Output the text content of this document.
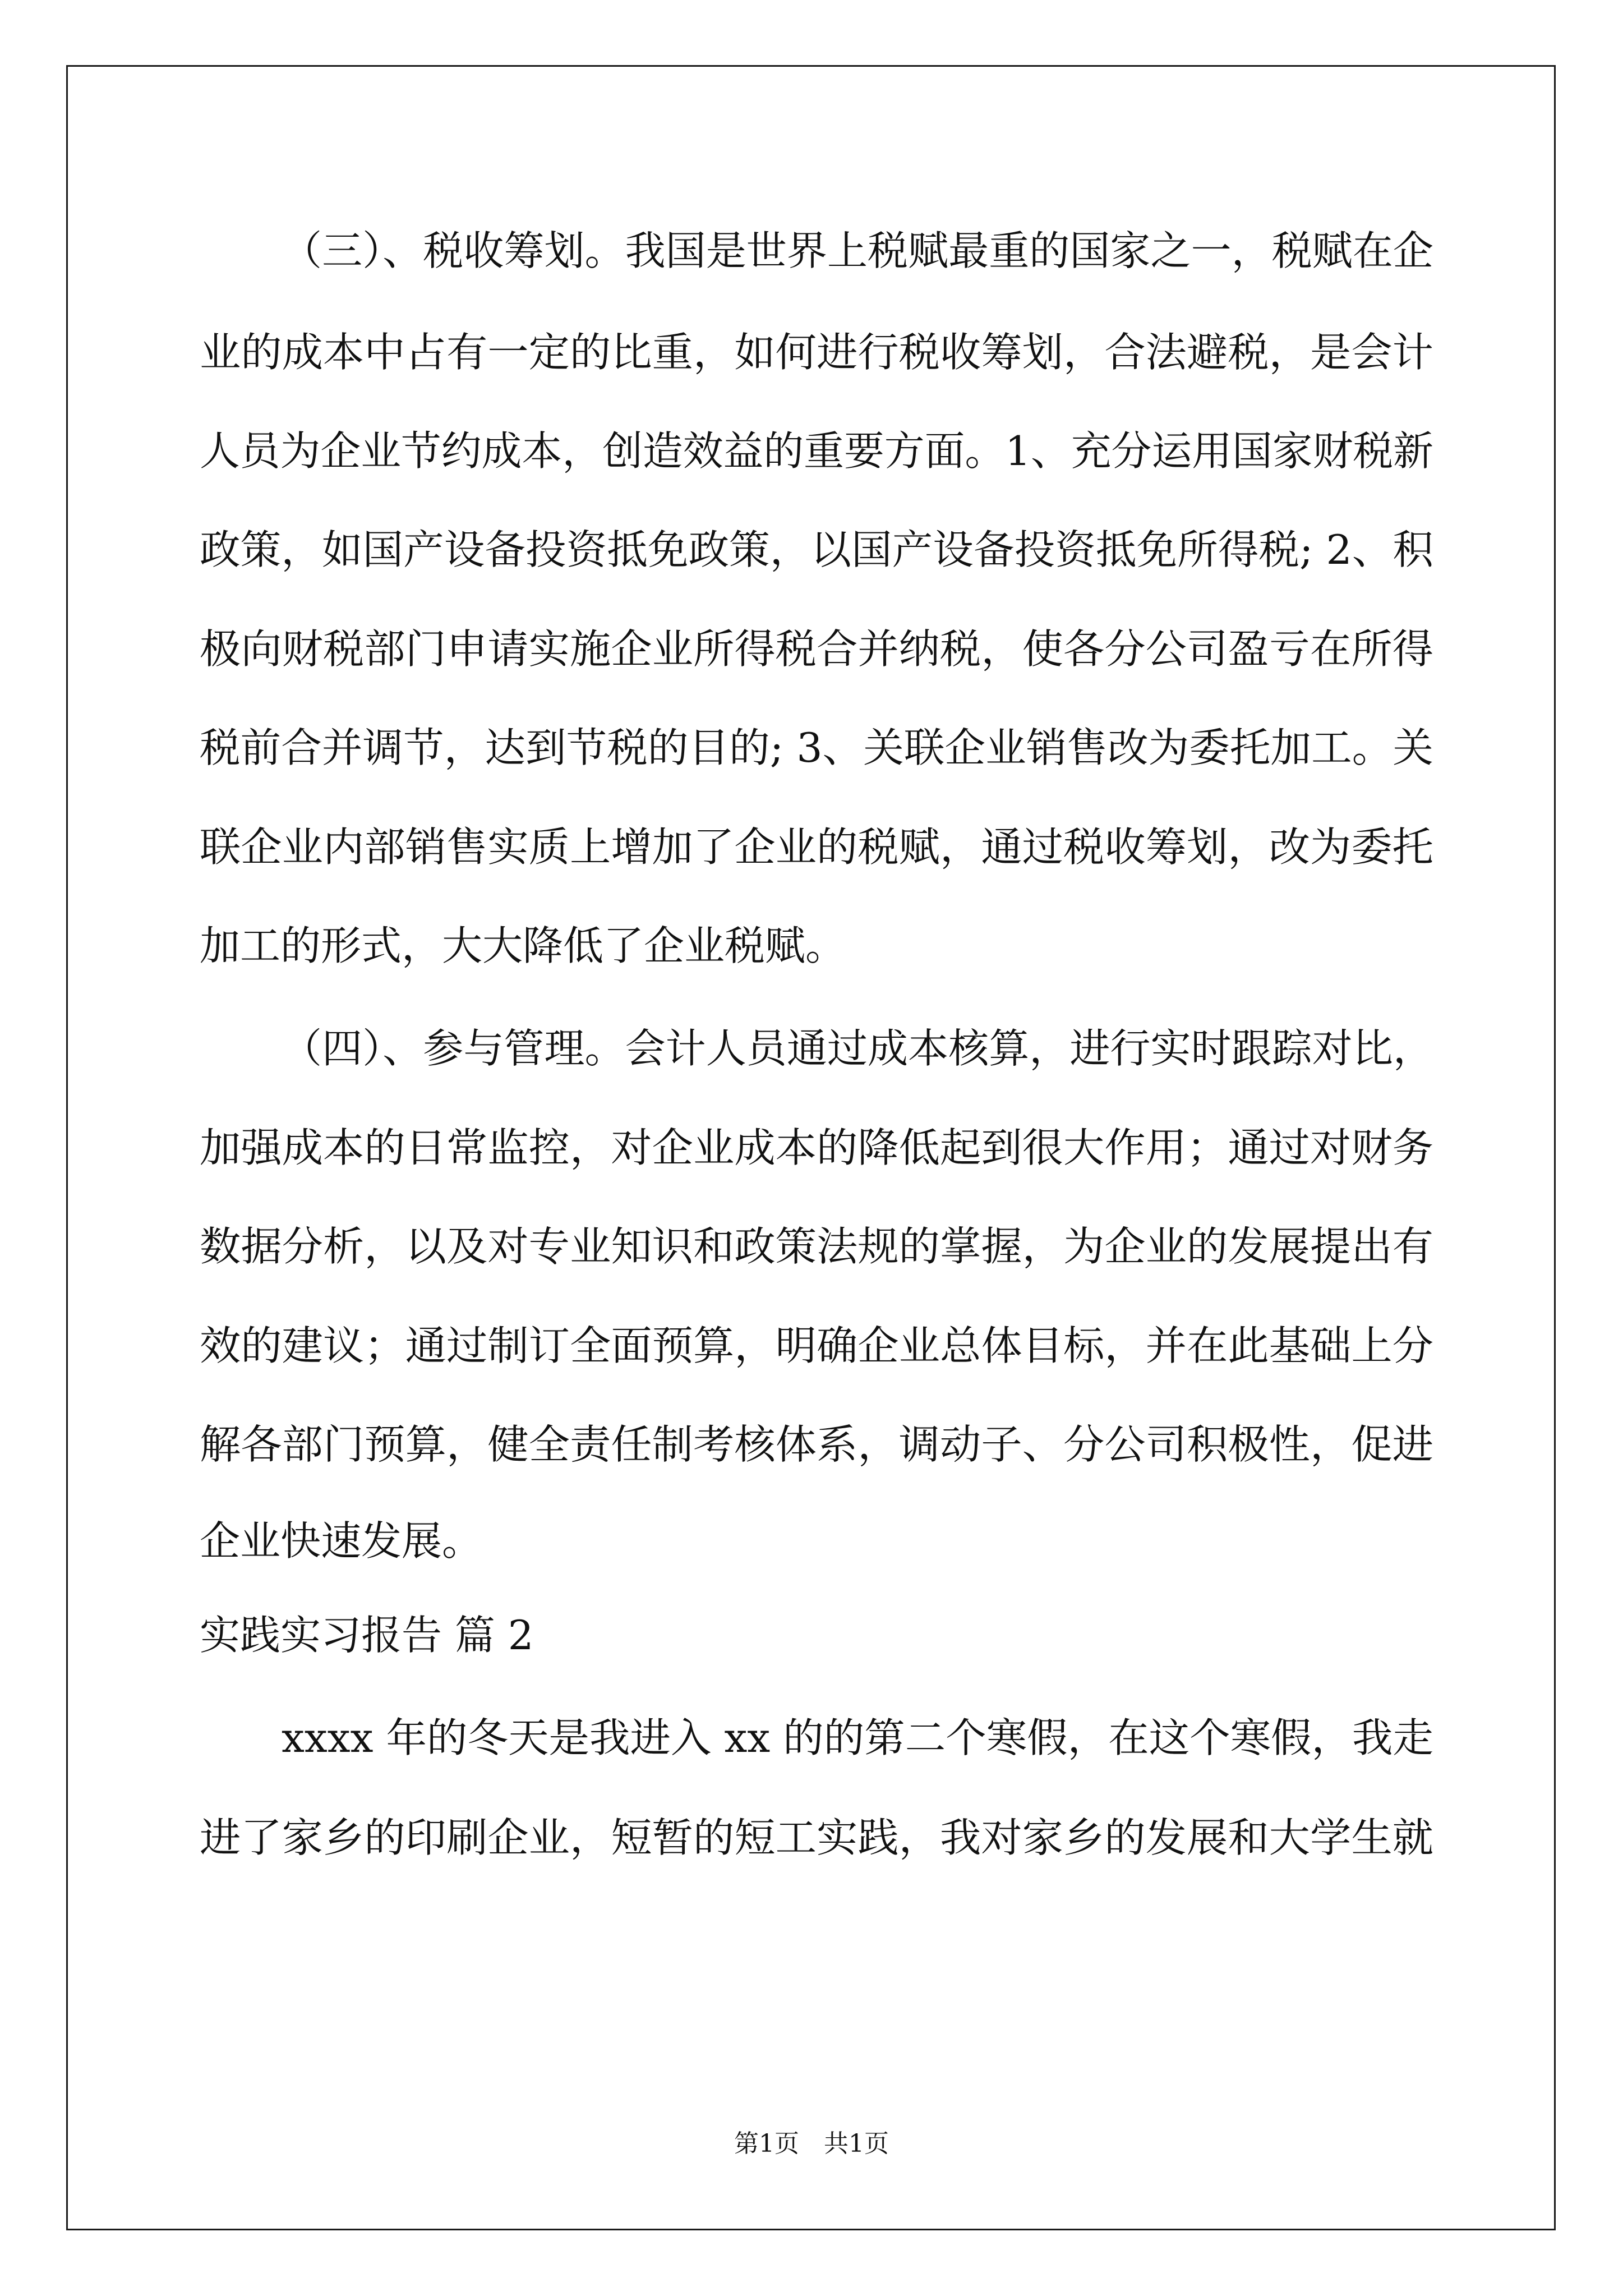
（三）、税收筹划。我国是世界上税赋最重的国家之一，税赋在企
业的成本中占有一定的比重，如何进行税收筹划，合法避税，是会计
人员为企业节约成本，创造效益的重要方面。1、充分运用国家财税新
政策，如国产设备投资抵免政策，以国产设备投资抵免所得税; 2、积
极向财税部门申请实施企业所得税合并纳税，使各分公司盈亏在所得
税前合并调节，达到节税的目的; 3、关联企业销售改为委托加工。关
联企业内部销售实质上增加了企业的税赋，通过税收筹划，改为委托
加工的形式，大大降低了企业税赋。
（四）、参与管理。会计人员通过成本核算，进行实时跟踪对比，
加强成本的日常监控，对企业成本的降低起到很大作用；通过对财务
数据分析，以及对专业知识和政策法规的掌握，为企业的发展提出有
效的建议；通过制订全面预算，明确企业总体目标，并在此基础上分
解各部门预算，健全责任制考核体系，调动子、分公司积极性，促进
企业快速发展。
实践实习报告 篇 2
xxxx 年的冬天是我进入 xx 的的第二个寒假，在这个寒假，我走
进了家乡的印刷企业，短暂的短工实践，我对家乡的发展和大学生就
第1页　共1页
